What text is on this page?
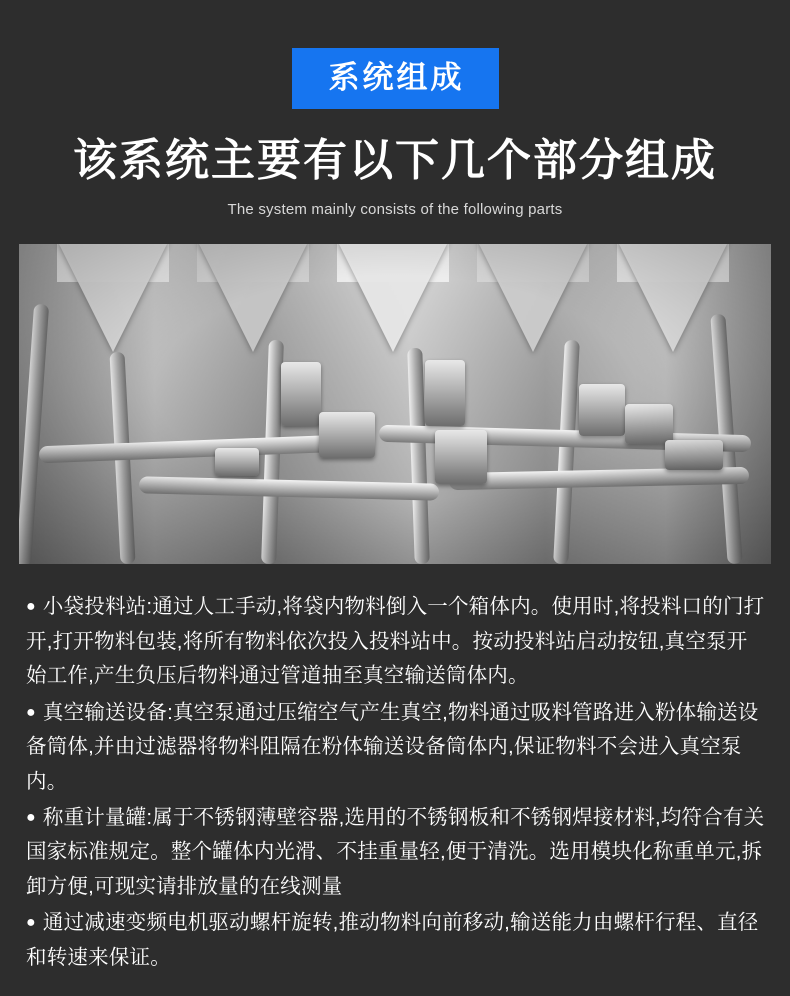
系统组成
该系统主要有以下几个部分组成
The system mainly consists of the following parts

● 小袋投料站:通过人工手动,将袋内物料倒入一个箱体内。使用时,将投料口的门打开,打开物料包装,将所有物料依次投入投料站中。按动投料站启动按钮,真空泵开始工作,产生负压后物料通过管道抽至真空输送筒体内。

● 真空输送设备:真空泵通过压缩空气产生真空,物料通过吸料管路进入粉体输送设备筒体,并由过滤器将物料阻隔在粉体输送设备筒体内,保证物料不会进入真空泵内。

● 称重计量罐:属于不锈钢薄壁容器,选用的不锈钢板和不锈钢焊接材料,均符合有关国家标准规定。整个罐体内光滑、不挂重量轻,便于清洗。选用模块化称重单元,拆卸方便,可现实请排放量的在线测量

● 通过减速变频电机驱动螺杆旋转,推动物料向前移动,输送能力由螺杆行程、直径和转速来保证。
